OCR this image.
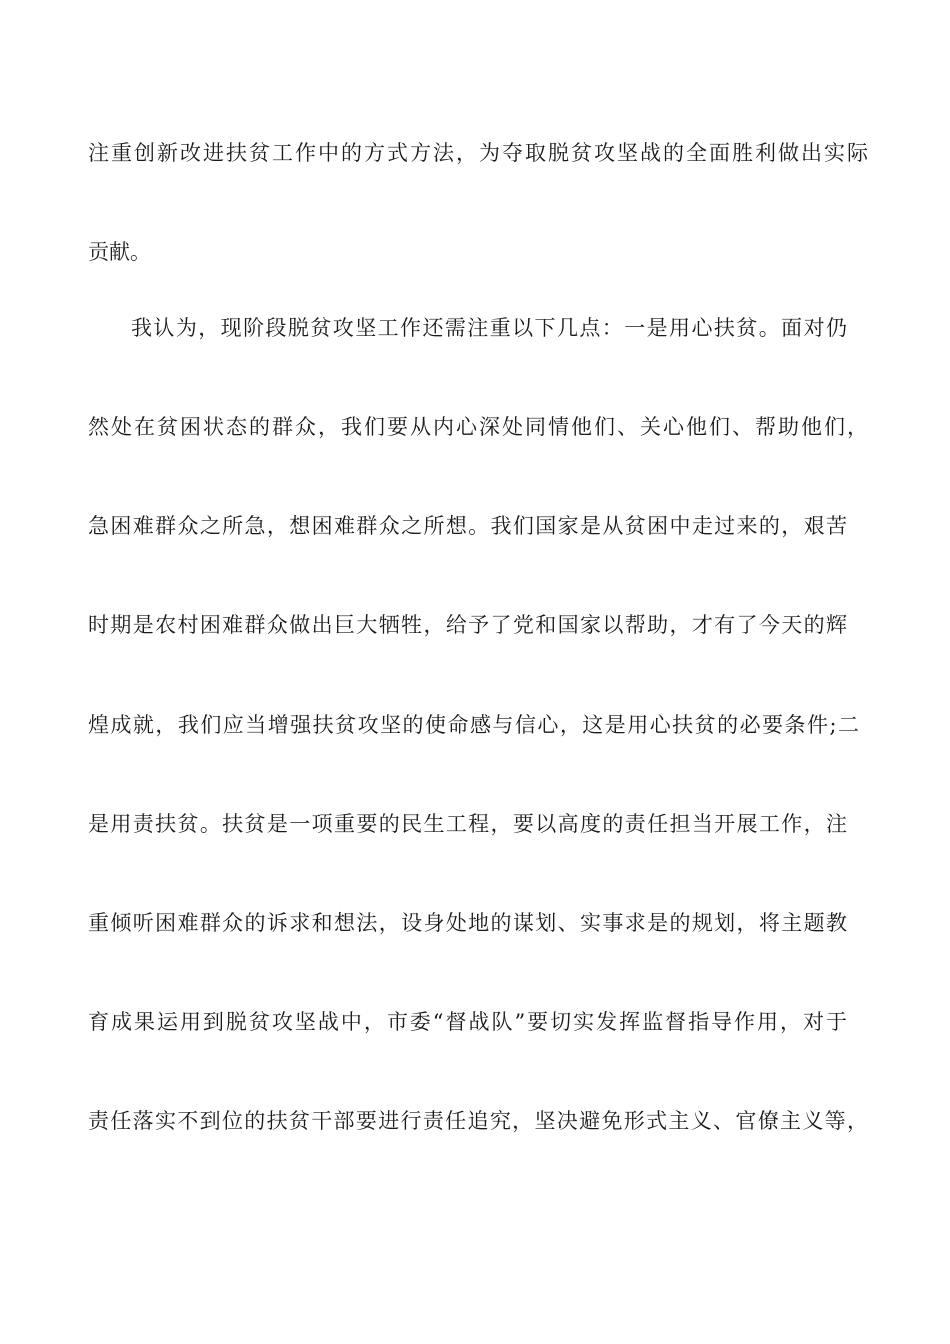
注重创新改进扶贫工作中的方式方法，为夺取脱贫攻坚战的全面胜利做出实际
贡献。
我认为，现阶段脱贫攻坚工作还需注重以下几点：一是用心扶贫。面对仍
然处在贫困状态的群众，我们要从内心深处同情他们、关心他们、帮助他们，
急困难群众之所急，想困难群众之所想。我们国家是从贫困中走过来的，艰苦
时期是农村困难群众做出巨大牺牲，给予了党和国家以帮助，才有了今天的辉
煌成就，我们应当增强扶贫攻坚的使命感与信心，这是用心扶贫的必要条件;二
是用责扶贫。扶贫是一项重要的民生工程，要以高度的责任担当开展工作，注
重倾听困难群众的诉求和想法，设身处地的谋划、实事求是的规划，将主题教
育成果运用到脱贫攻坚战中，市委“督战队”要切实发挥监督指导作用，对于
责任落实不到位的扶贫干部要进行责任追究，坚决避免形式主义、官僚主义等，
